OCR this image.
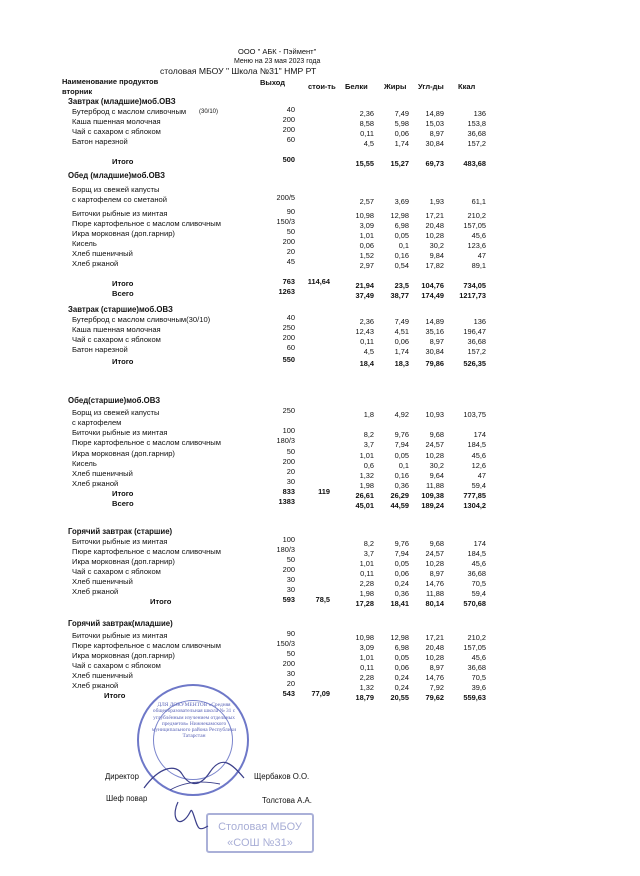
ООО " АБК - Пэймент"
Меню на 23 мая 2023 года
столовая МБОУ " Школа №31" НМР РТ
Наименование продуктов
вторник
Выход	стои-ть Белки Жиры Угл-ды Ккал
Завтрак (младшие)моб.ОВЗ
Бутерброд с маслом сливочным (30/10)	40	2,36	7,49	14,89	136
Каша пшенная молочная	200	8,58	5,98	15,03	153,8
Чай с сахаром с яблоком	200	0,11	0,06	8,97	36,68
Батон нарезной	60	4,5	1,74	30,84	157,2
Итого	500	15,55	15,27	69,73	483,68
Обед (младшие)моб.ОВЗ
Борщ из свежей капусты
с картофелем со сметаной	200/5	2,57	3,69	1,93	61,1
Биточки рыбные из минтая	90	10,98	12,98	17,21	210,2
Пюре картофельное с маслом сливочным	150/3	3,09	6,98	20,48	157,05
Икра морковная (доп.гарнир)	50	1,01	0,05	10,28	45,6
Кисель	200	0,06	0,1	30,2	123,6
Хлеб пшеничный	20	1,52	0,16	9,84	47
Хлеб ржаной	45	2,97	0,54	17,82	89,1
Итого	763	114,64	21,94	23,5	104,76	734,05
Всего	1263	37,49	38,77	174,49	1217,73
Завтрак (старшие)моб.ОВЗ
Бутерброд с маслом сливочным(30/10)	40	2,36	7,49	14,89	136
Каша пшенная молочная	250	12,43	4,51	35,16	196,47
Чай с сахаром с яблоком	200	0,11	0,06	8,97	36,68
Батон нарезной	60	4,5	1,74	30,84	157,2
Итого	550	18,4	18,3	79,86	526,35
Обед(старшие)моб.ОВЗ
Борщ из свежей капусты	250	1,8	4,92	10,93	103,75
с картофелем
Биточки рыбные из минтая	100	8,2	9,76	9,68	174
Пюре картофельное с маслом сливочным	180/3	3,7	7,94	24,57	184,5
Икра морковная (доп.гарнир)	50	1,01	0,05	10,28	45,6
Кисель	200	0,6	0,1	30,2	12,6
Хлеб пшеничный	20	1,32	0,16	9,64	47
Хлеб ржаной	30	1,98	0,36	11,88	59,4
Итого	833	119	26,61	26,29	109,38	777,85
Всего	1383	45,01	44,59	189,24	1304,2
Горячий завтрак (старшие)
Биточки рыбные из минтая	100	8,2	9,76	9,68	174
Пюре картофельное с маслом сливочным	180/3	3,7	7,94	24,57	184,5
Икра морковная (доп.гарнир)	50	1,01	0,05	10,28	45,6
Чай с сахаром с яблоком	200	0,11	0,06	8,97	36,68
Хлеб пшеничный	30	2,28	0,24	14,76	70,5
Хлеб ржаной	30	1,98	0,36	11,88	59,4
Итого	593	78,5	17,28	18,41	80,14	570,68
Горячий завтрак(младшие)
Биточки рыбные из минтая	90	10,98	12,98	17,21	210,2
Пюре картофельное с маслом сливочным	150/3	3,09	6,98	20,48	157,05
Икра морковная (доп.гарнир)	50	1,01	0,05	10,28	45,6
Чай с сахаром с яблоком	200	0,11	0,06	8,97	36,68
Хлеб пшеничный	30	2,28	0,24	14,76	70,5
Хлеб ржаной	20	1,32	0,24	7,92	39,6
Итого	543	77,09	18,79	20,55	79,62	559,63
ДЛЯ ДОКУМЕНТОВ «Средняя общеобразовательная школа № 31 с углублённым изучением отдельных предметов» Нижнекамского муниципального района Республики Татарстан
Столовая МБОУ «СОШ №31»
Директор	Щербаков О.О.
Шеф повар	Толстова А.А.
